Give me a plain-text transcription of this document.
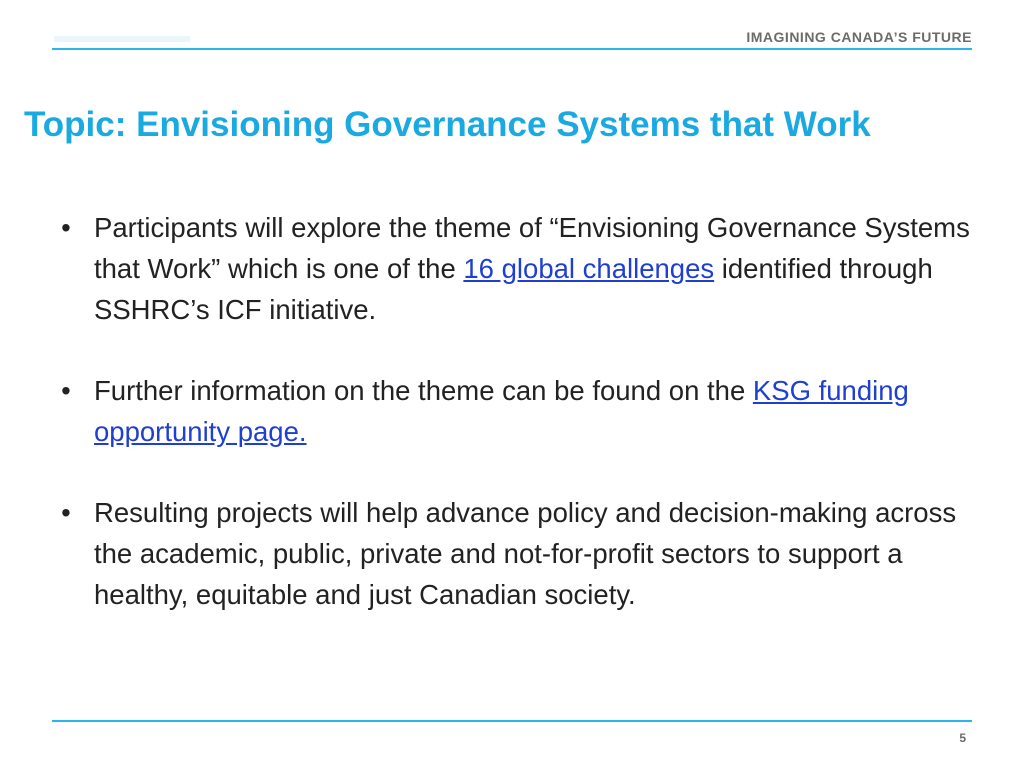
IMAGINING CANADA’S FUTURE
Topic: Envisioning Governance Systems that Work
• Participants will explore the theme of “Envisioning Governance Systems that Work” which is one of the 16 global challenges identified through SSHRC’s ICF initiative.
• Further information on the theme can be found on the KSG funding opportunity page.
• Resulting projects will help advance policy and decision-making across the academic, public, private and not-for-profit sectors to support a healthy, equitable and just Canadian society.
5
